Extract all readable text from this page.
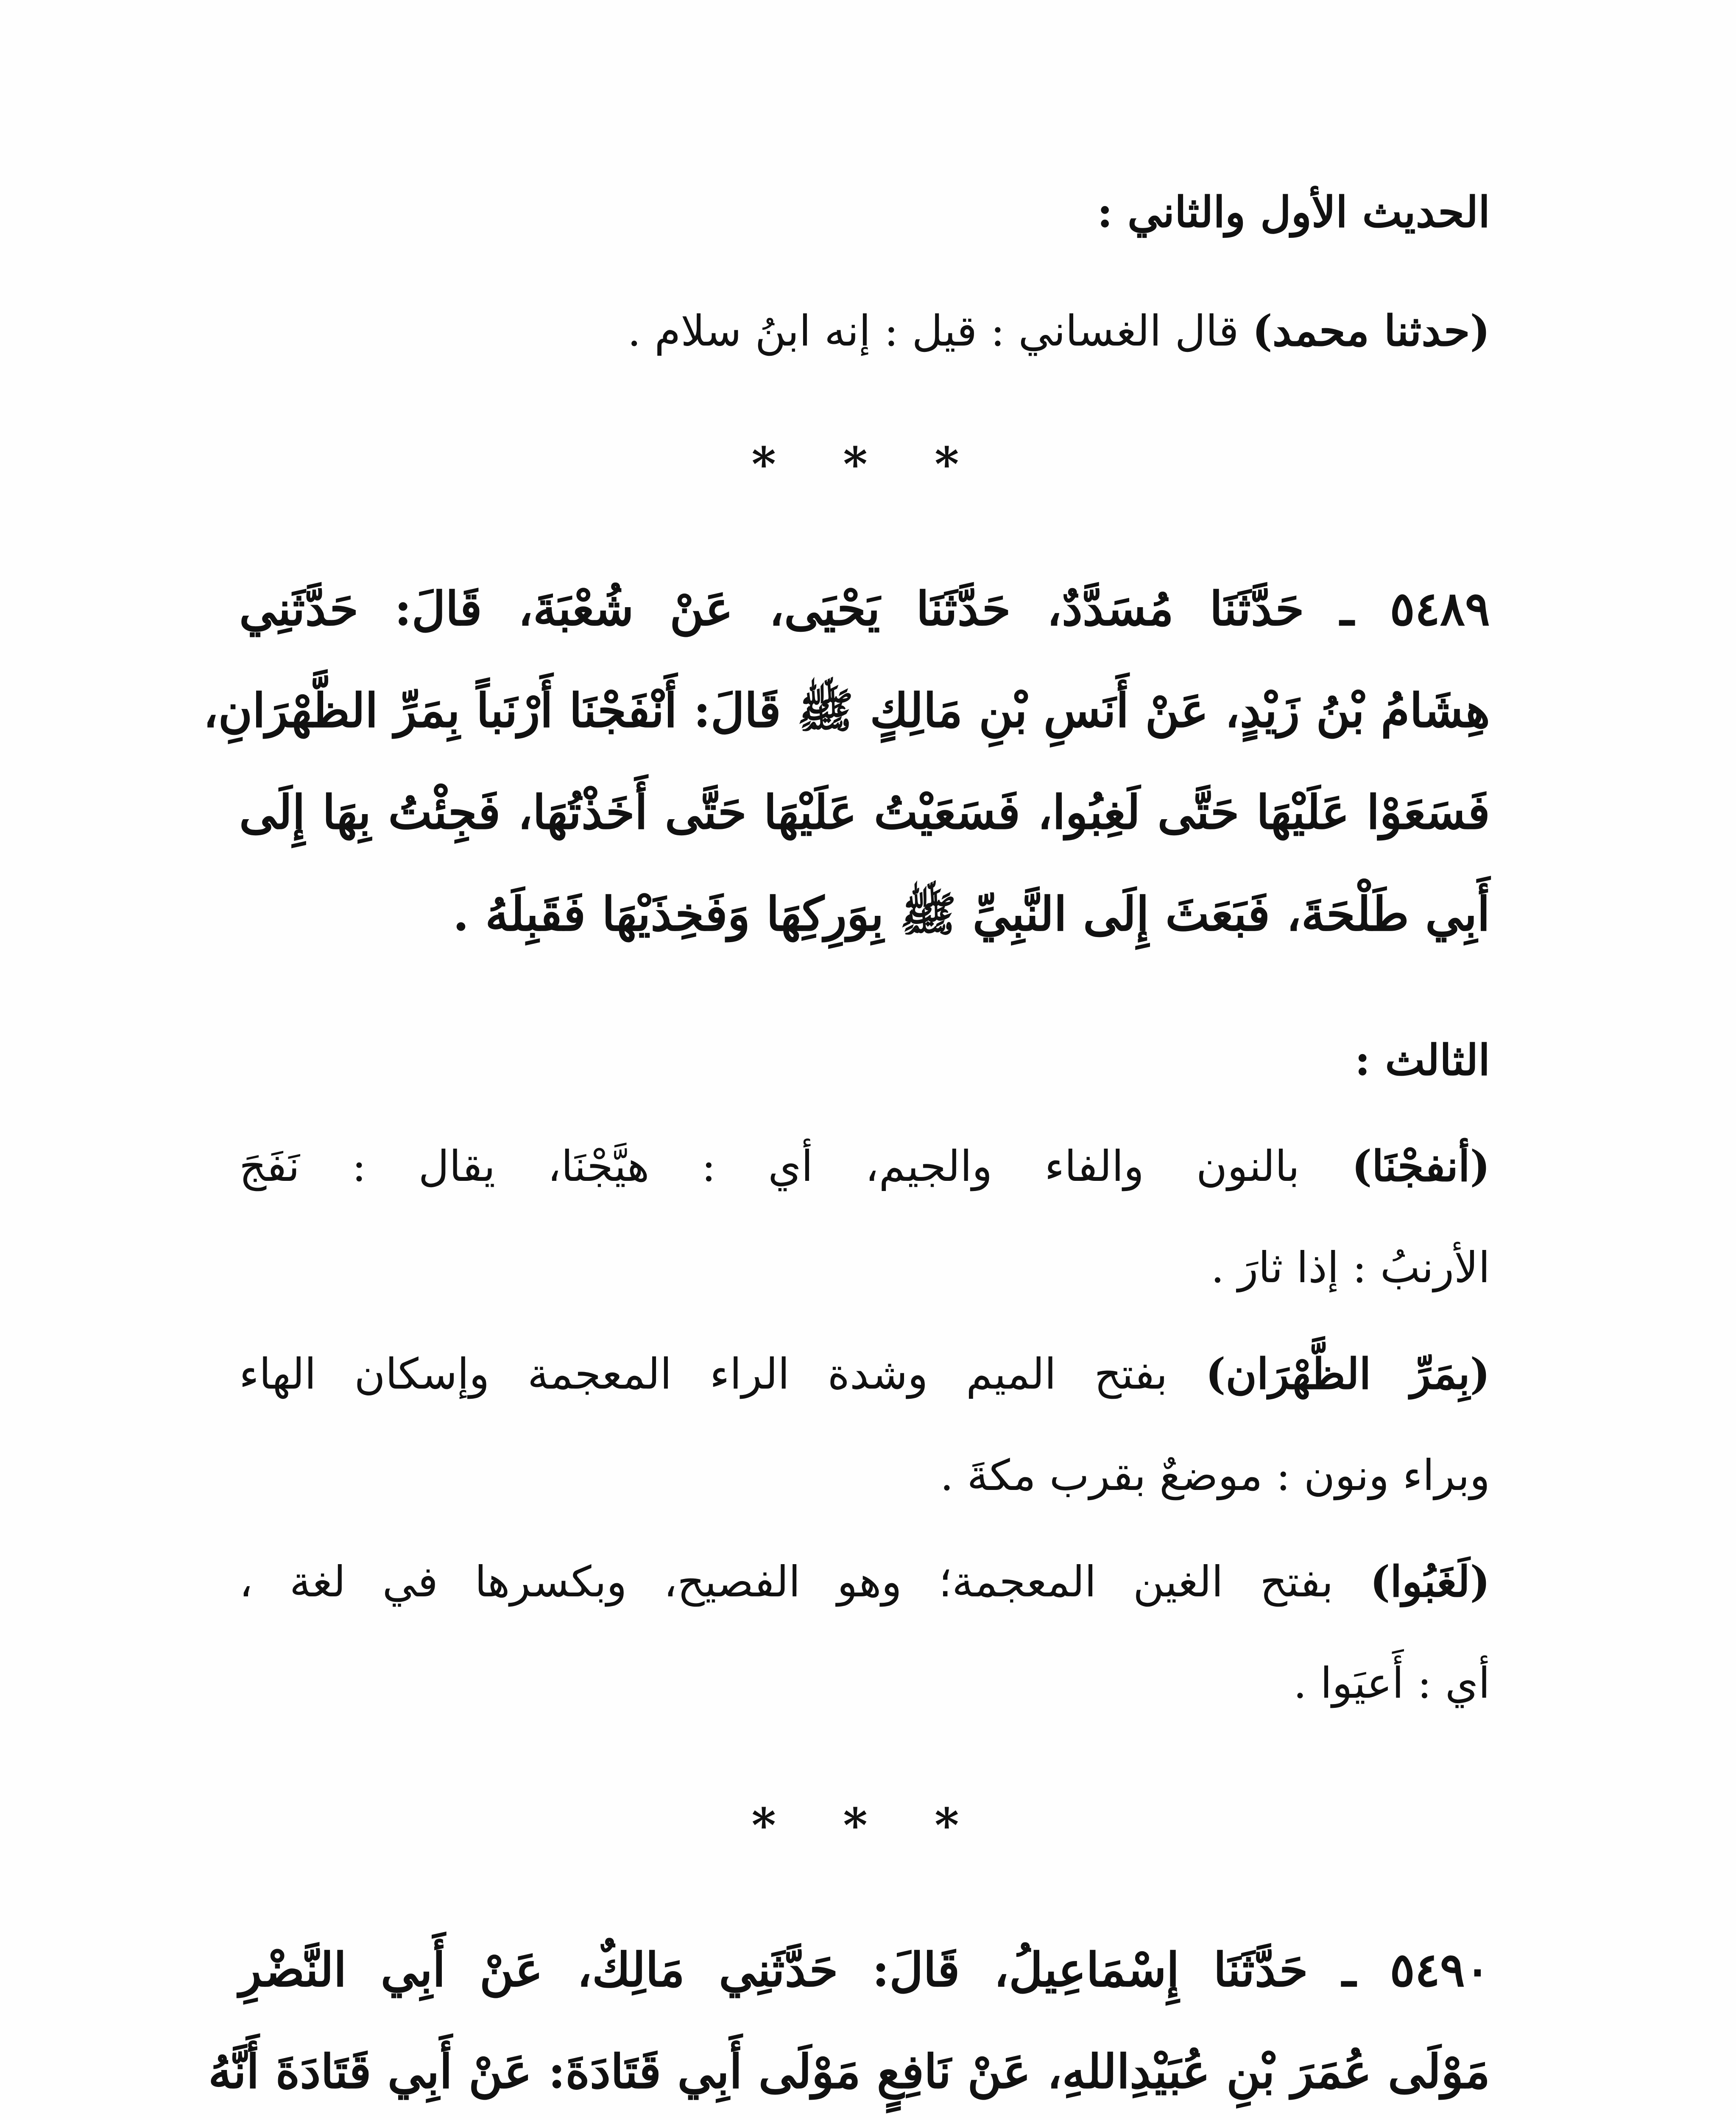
الحديث الأول والثاني :
(حدثنا محمد) قال الغساني : قيل : إنه ابنُ سلام .
* * *
٥٤٨٩ ـ حَدَّثَنَا مُسَدَّدٌ، حَدَّثَنَا يَحْيَى، عَنْ شُعْبَةَ، قَالَ: حَدَّثَنِي
هِشَامُ بْنُ زَيْدٍ، عَنْ أَنَسِ بْنِ مَالِكٍ ﷺ قَالَ: أَنْفَجْنَا أَرْنَباً بِمَرِّ الظَّهْرَانِ،
فَسَعَوْا عَلَيْهَا حَتَّى لَغِبُوا، فَسَعَيْتُ عَلَيْهَا حَتَّى أَخَذْتُهَا، فَجِئْتُ بِهَا إِلَى
أَبِي طَلْحَةَ، فَبَعَثَ إِلَى النَّبِيِّ ﷺ بِوَرِكِهَا وَفَخِذَيْهَا فَقَبِلَهُ .
الثالث :
(أنفجْنَا) بالنون والفاء والجيم، أي : هيَّجْنَا، يقال : نَفَجَ
الأرنبُ : إذا ثارَ .
(بِمَرِّ الظَّهْرَان) بفتح الميم وشدة الراء المعجمة وإسكان الهاء
وبراء ونون : موضعٌ بقرب مكةَ .
(لَغَبُوا) بفتح الغين المعجمة؛ وهو الفصيح، وبكسرها في لغة ،
أي : أَعيَوا .
* * *
٥٤٩٠ ـ حَدَّثَنَا إِسْمَاعِيلُ، قَالَ: حَدَّثَنِي مَالِكٌ، عَنْ أَبِي النَّضْرِ
مَوْلَى عُمَرَ بْنِ عُبَيْدِاللهِ، عَنْ نَافِعٍ مَوْلَى أَبِي قَتَادَةَ: عَنْ أَبِي قَتَادَةَ أَنَّهُ
